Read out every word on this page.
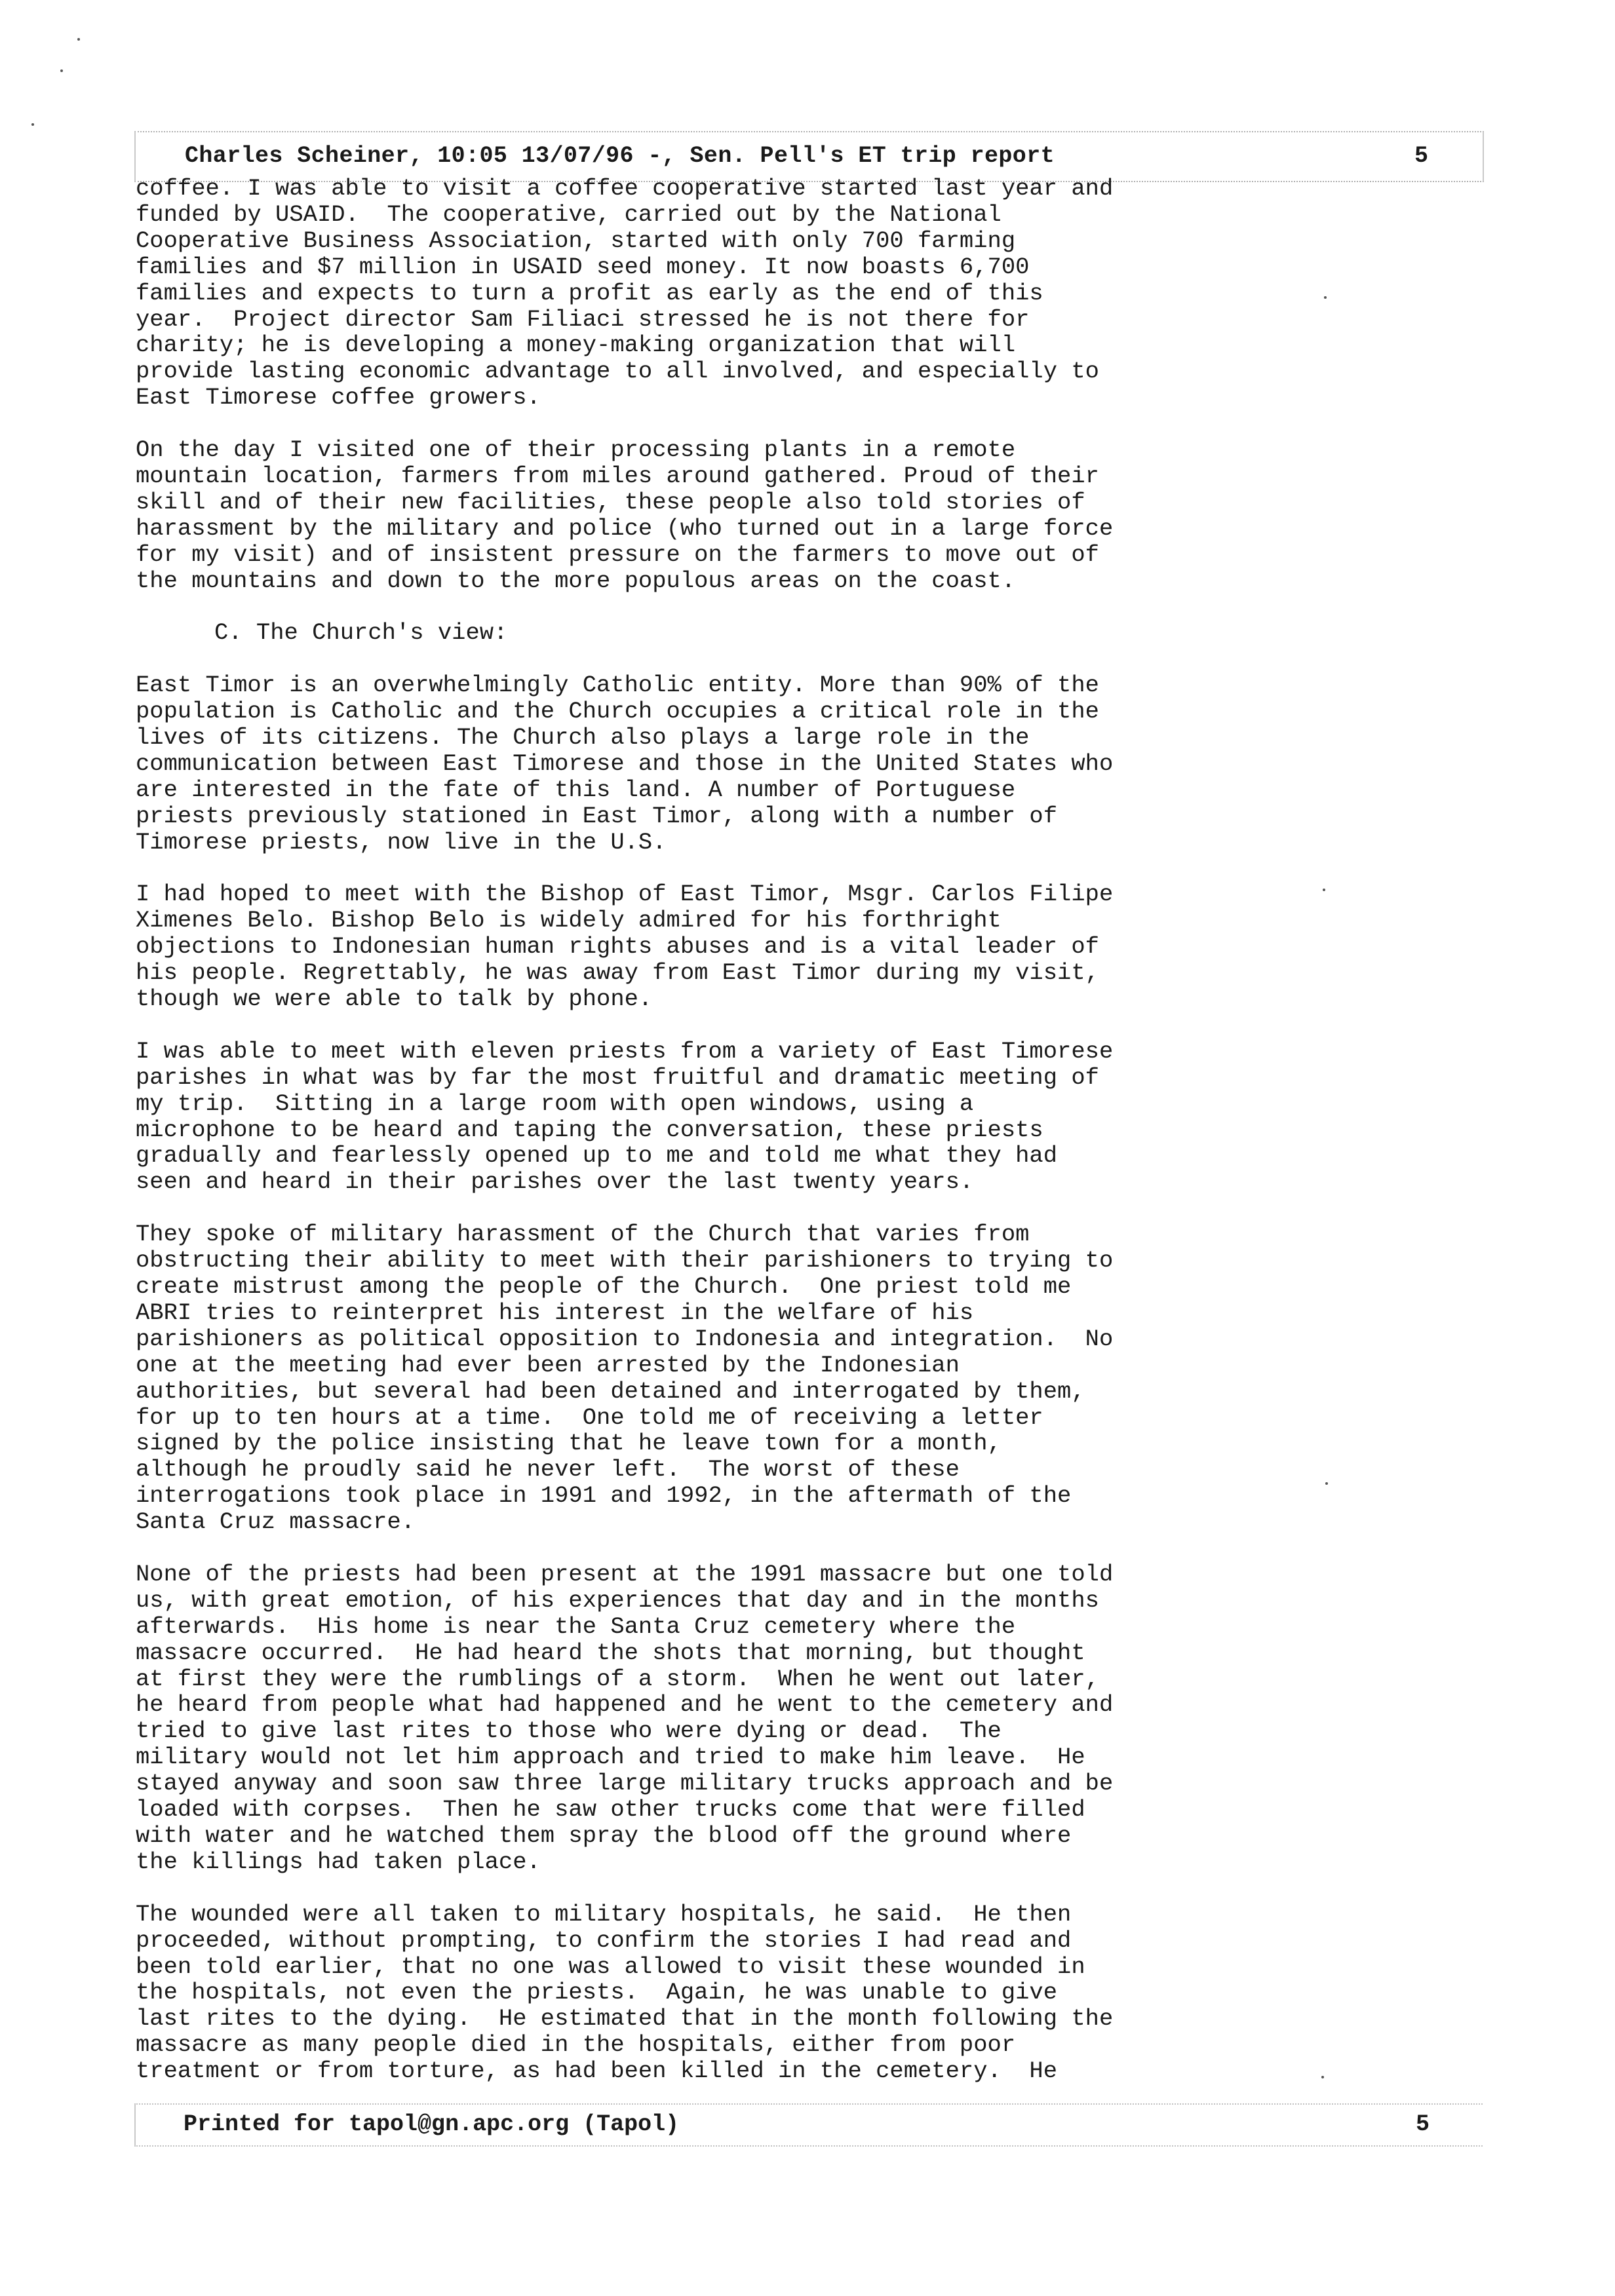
Charles Scheiner, 10:05 13/07/96 -, Sen. Pell's ET trip report	5

coffee. I was able to visit a coffee cooperative started last year and
funded by USAID.  The cooperative, carried out by the National
Cooperative Business Association, started with only 700 farming
families and $7 million in USAID seed money. It now boasts 6,700
families and expects to turn a profit as early as the end of this
year.  Project director Sam Filiaci stressed he is not there for
charity; he is developing a money-making organization that will
provide lasting economic advantage to all involved, and especially to
East Timorese coffee growers.

On the day I visited one of their processing plants in a remote
mountain location, farmers from miles around gathered. Proud of their
skill and of their new facilities, these people also told stories of
harassment by the military and police (who turned out in a large force
for my visit) and of insistent pressure on the farmers to move out of
the mountains and down to the more populous areas on the coast.

C. The Church's view:

East Timor is an overwhelmingly Catholic entity. More than 90% of the
population is Catholic and the Church occupies a critical role in the
lives of its citizens. The Church also plays a large role in the
communication between East Timorese and those in the United States who
are interested in the fate of this land. A number of Portuguese
priests previously stationed in East Timor, along with a number of
Timorese priests, now live in the U.S.

I had hoped to meet with the Bishop of East Timor, Msgr. Carlos Filipe
Ximenes Belo. Bishop Belo is widely admired for his forthright
objections to Indonesian human rights abuses and is a vital leader of
his people. Regrettably, he was away from East Timor during my visit,
though we were able to talk by phone.

I was able to meet with eleven priests from a variety of East Timorese
parishes in what was by far the most fruitful and dramatic meeting of
my trip.  Sitting in a large room with open windows, using a
microphone to be heard and taping the conversation, these priests
gradually and fearlessly opened up to me and told me what they had
seen and heard in their parishes over the last twenty years.

They spoke of military harassment of the Church that varies from
obstructing their ability to meet with their parishioners to trying to
create mistrust among the people of the Church.  One priest told me
ABRI tries to reinterpret his interest in the welfare of his
parishioners as political opposition to Indonesia and integration.  No
one at the meeting had ever been arrested by the Indonesian
authorities, but several had been detained and interrogated by them,
for up to ten hours at a time.  One told me of receiving a letter
signed by the police insisting that he leave town for a month,
although he proudly said he never left.  The worst of these
interrogations took place in 1991 and 1992, in the aftermath of the
Santa Cruz massacre.

None of the priests had been present at the 1991 massacre but one told
us, with great emotion, of his experiences that day and in the months
afterwards.  His home is near the Santa Cruz cemetery where the
massacre occurred.  He had heard the shots that morning, but thought
at first they were the rumblings of a storm.  When he went out later,
he heard from people what had happened and he went to the cemetery and
tried to give last rites to those who were dying or dead.  The
military would not let him approach and tried to make him leave.  He
stayed anyway and soon saw three large military trucks approach and be
loaded with corpses.  Then he saw other trucks come that were filled
with water and he watched them spray the blood off the ground where
the killings had taken place.

The wounded were all taken to military hospitals, he said.  He then
proceeded, without prompting, to confirm the stories I had read and
been told earlier, that no one was allowed to visit these wounded in
the hospitals, not even the priests.  Again, he was unable to give
last rites to the dying.  He estimated that in the month following the
massacre as many people died in the hospitals, either from poor
treatment or from torture, as had been killed in the cemetery.  He

Printed for tapol@gn.apc.org (Tapol)	5
